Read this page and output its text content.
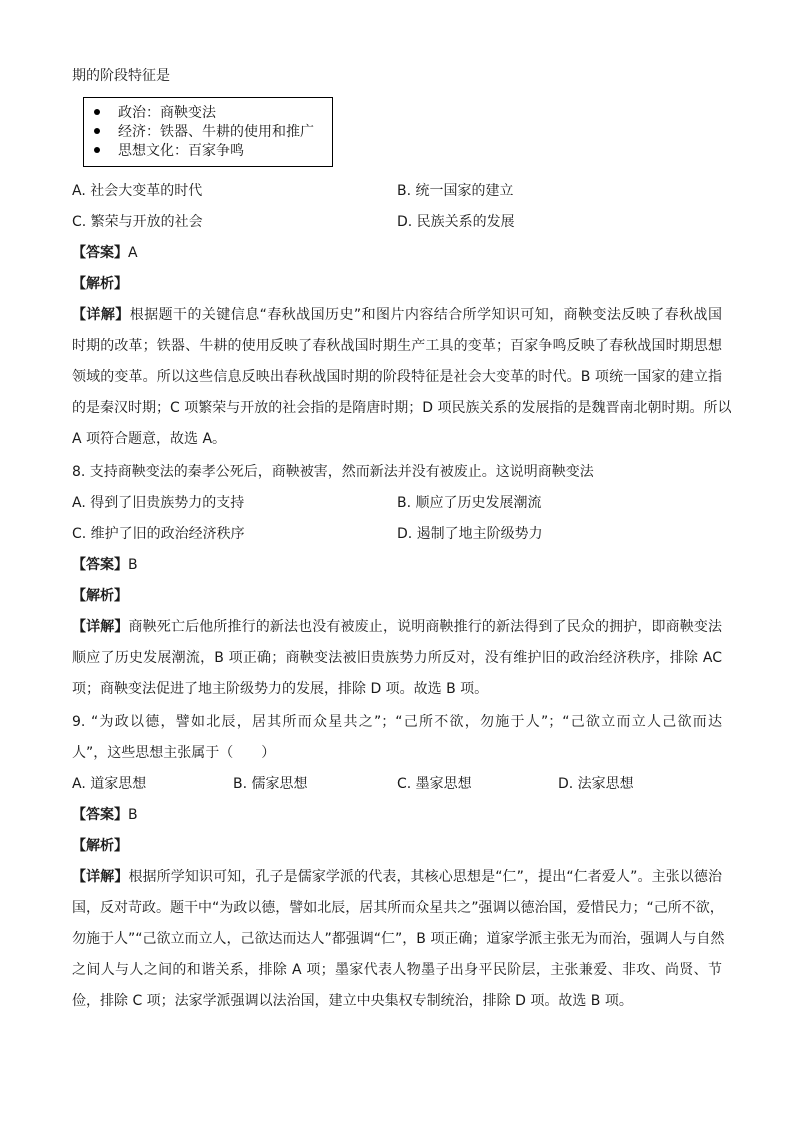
期的阶段特征是
政治：商鞅变法
经济：铁器、牛耕的使用和推广
思想文化：百家争鸣
A. 社会大变革的时代	B. 统一国家的建立
C. 繁荣与开放的社会	D. 民族关系的发展
【答案】A
【解析】
【详解】根据题干的关键信息“春秋战国历史”和图片内容结合所学知识可知，商鞅变法反映了春秋战国
时期的改革；铁器、牛耕的使用反映了春秋战国时期生产工具的变革；百家争鸣反映了春秋战国时期思想
领域的变革。所以这些信息反映出春秋战国时期的阶段特征是社会大变革的时代。B 项统一国家的建立指
的是秦汉时期；C 项繁荣与开放的社会指的是隋唐时期；D 项民族关系的发展指的是魏晋南北朝时期。所以
A 项符合题意，故选 A。
8. 支持商鞅变法的秦孝公死后，商鞅被害，然而新法并没有被废止。这说明商鞅变法
A. 得到了旧贵族势力的支持	B. 顺应了历史发展潮流
C. 维护了旧的政治经济秩序	D. 遏制了地主阶级势力
【答案】B
【解析】
【详解】商鞅死亡后他所推行的新法也没有被废止，说明商鞅推行的新法得到了民众的拥护，即商鞅变法
顺应了历史发展潮流，B 项正确；商鞅变法被旧贵族势力所反对，没有维护旧的政治经济秩序，排除 AC
项；商鞅变法促进了地主阶级势力的发展，排除 D 项。故选 B 项。
9. “为政以德，譬如北辰，居其所而众星共之”；“己所不欲，勿施于人”；“己欲立而立人己欲而达
人”，这些思想主张属于（　　）
A. 道家思想	B. 儒家思想	C. 墨家思想	D. 法家思想
【答案】B
【解析】
【详解】根据所学知识可知，孔子是儒家学派的代表，其核心思想是“仁”，提出“仁者爱人”。主张以德治
国，反对苛政。题干中“为政以德，譬如北辰，居其所而众星共之”强调以德治国，爱惜民力；“己所不欲，
勿施于人”“己欲立而立人，己欲达而达人”都强调“仁”，B 项正确；道家学派主张无为而治，强调人与自然
之间人与人之间的和谐关系，排除 A 项；墨家代表人物墨子出身平民阶层，主张兼爱、非攻、尚贤、节
俭，排除 C 项；法家学派强调以法治国，建立中央集权专制统治，排除 D 项。故选 B 项。
